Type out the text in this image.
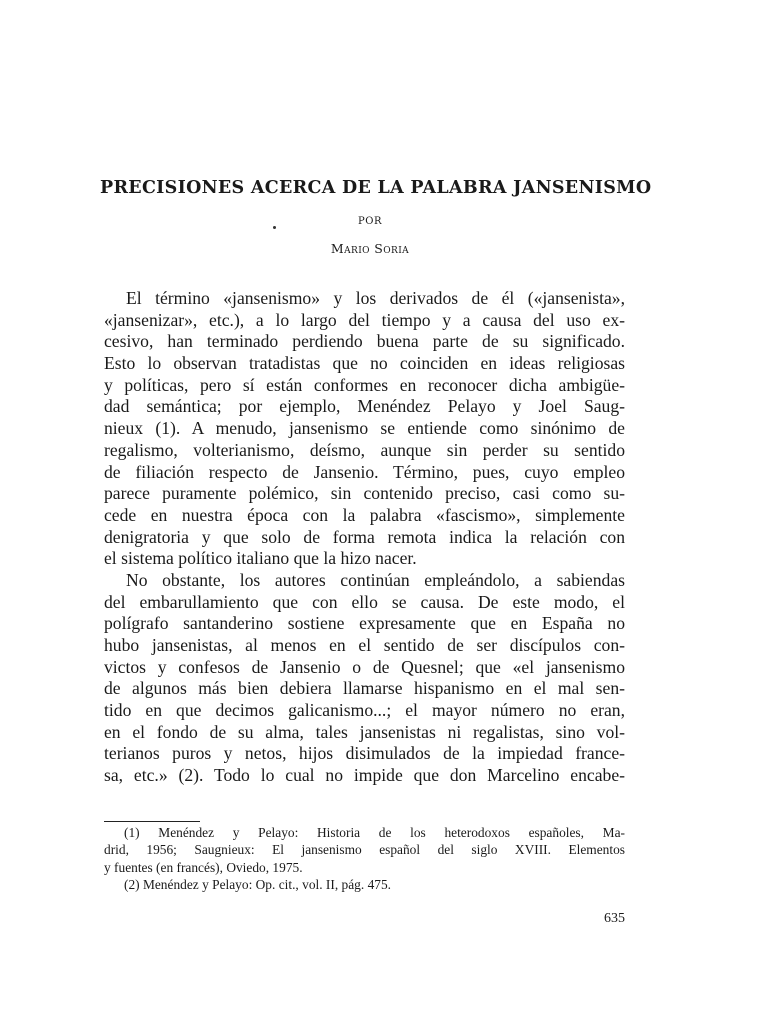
PRECISIONES ACERCA DE LA PALABRA JANSENISMO
POR
Mario Soria
El término «jansenismo» y los derivados de él («jansenista»,
«jansenizar», etc.), a lo largo del tiempo y a causa del uso ex-
cesivo, han terminado perdiendo buena parte de su significado.
Esto lo observan tratadistas que no coinciden en ideas religiosas
y políticas, pero sí están conformes en reconocer dicha ambigüe-
dad semántica; por ejemplo, Menéndez Pelayo y Joel Saug-
nieux (1). A menudo, jansenismo se entiende como sinónimo de
regalismo, volterianismo, deísmo, aunque sin perder su sentido
de filiación respecto de Jansenio. Término, pues, cuyo empleo
parece puramente polémico, sin contenido preciso, casi como su-
cede en nuestra época con la palabra «fascismo», simplemente
denigratoria y que solo de forma remota indica la relación con
el sistema político italiano que la hizo nacer.
No obstante, los autores continúan empleándolo, a sabiendas
del embarullamiento que con ello se causa. De este modo, el
polígrafo santanderino sostiene expresamente que en España no
hubo jansenistas, al menos en el sentido de ser discípulos con-
victos y confesos de Jansenio o de Quesnel; que «el jansenismo
de algunos más bien debiera llamarse hispanismo en el mal sen-
tido en que decimos galicanismo...; el mayor número no eran,
en el fondo de su alma, tales jansenistas ni regalistas, sino vol-
terianos puros y netos, hijos disimulados de la impiedad france-
sa, etc.» (2). Todo lo cual no impide que don Marcelino encabe-
(1) Menéndez y Pelayo: Historia de los heterodoxos españoles, Ma-
drid, 1956; Saugnieux: El jansenismo español del siglo XVIII. Elementos
y fuentes (en francés), Oviedo, 1975.
(2) Menéndez y Pelayo: Op. cit., vol. II, pág. 475.
635
